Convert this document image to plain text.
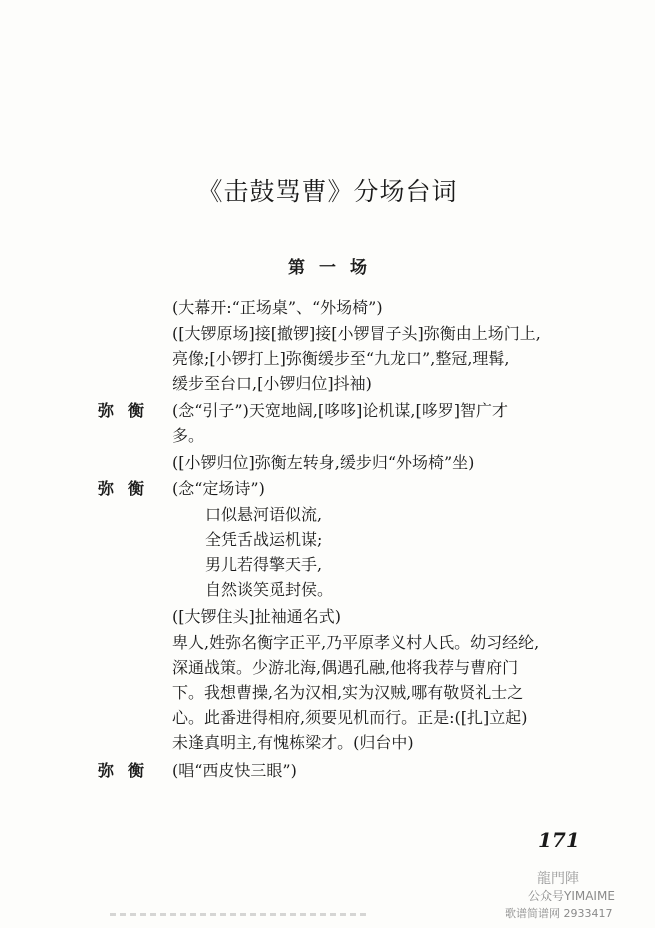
《击鼓骂曹》分场台词
第一场
(大幕开:“正场桌”、“外场椅”)
([大锣原场]接[撤锣]接[小锣冒子头]弥衡由上场门上,
亮像;[小锣打上]弥衡缓步至“九龙口”,整冠,理髯,
缓步至台口,[小锣归位]抖袖)
弥衡 (念“引子”)天宽地阔,[哆哆]论机谋,[哆罗]智广才
多。
([小锣归位]弥衡左转身,缓步归“外场椅”坐)
弥衡 (念“定场诗”)
口似悬河语似流,
全凭舌战运机谋;
男儿若得擎天手,
自然谈笑觅封侯。
([大锣住头]扯袖通名式)
卑人,姓弥名衡字正平,乃平原孝义村人氏。幼习经纶,
深通战策。少游北海,偶遇孔融,他将我荐与曹府门
下。我想曹操,名为汉相,实为汉贼,哪有敬贤礼士之
心。此番进得相府,须要见机而行。正是:([扎]立起)
未逢真明主,有愧栋梁才。(归台中)
弥衡 (唱“西皮快三眼”)
171
龍門陣
公众号YIMAIME
歌谱简谱网 2933417
